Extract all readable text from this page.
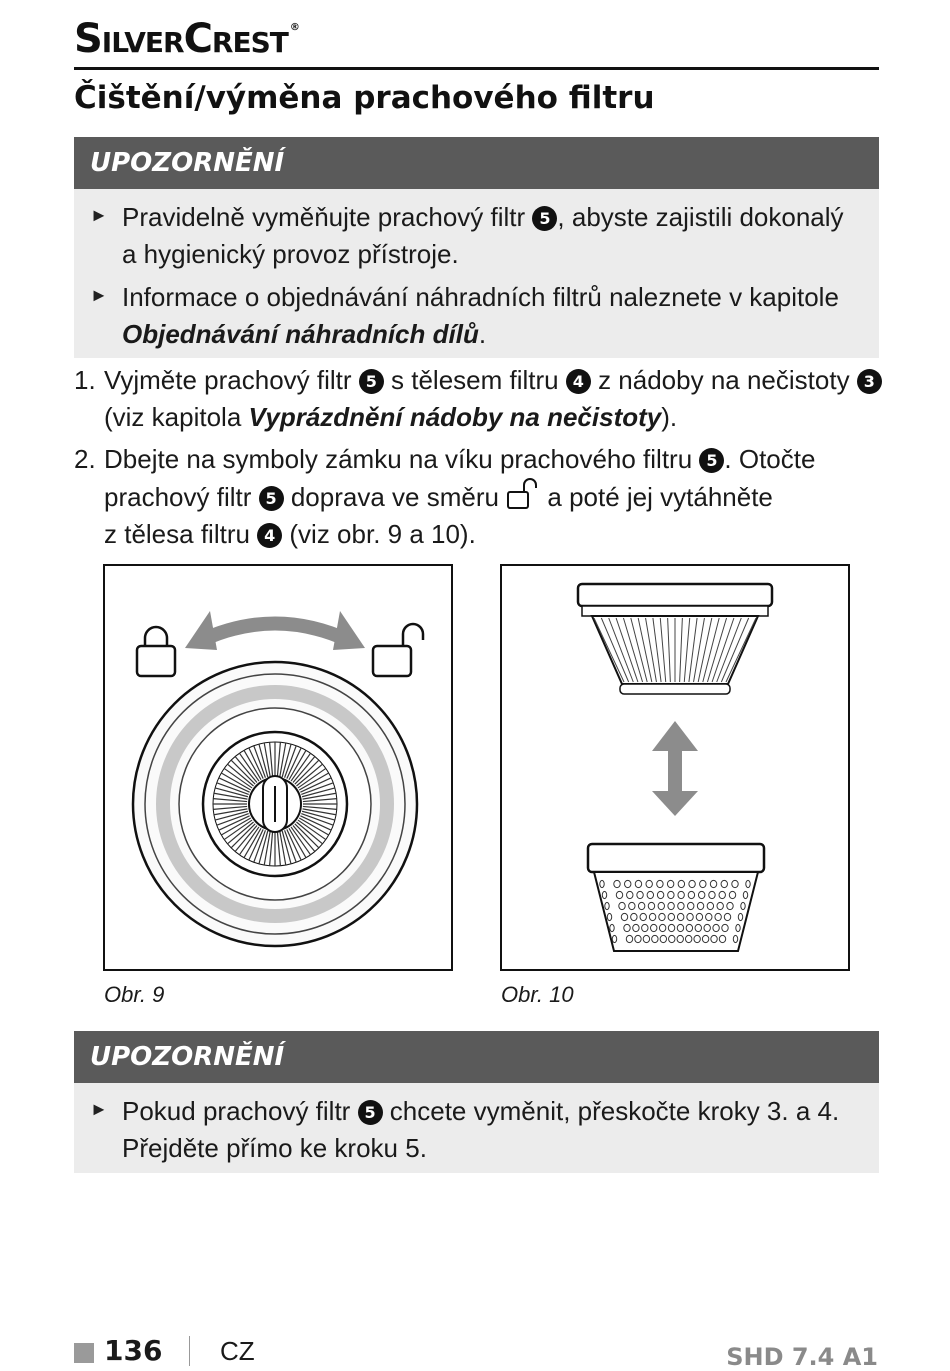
SilverCrest ®
Čištění/výměna prachového filtru
UPOZORNĚNÍ
► Pravidelně vyměňujte prachový filtr 5 , abyste zajistili dokonalý
a hygienický provoz přístroje.
► Informace o objednávání náhradních filtrů naleznete v kapitole
Objednávání náhradních dílů.
1. Vyjměte prachový filtr 5 s tělesem filtru 4 z nádoby na nečistoty 3
(viz kapitola Vyprázdnění nádoby na nečistoty).
2. Dbejte na symboly zámku na víku prachového filtru 5 . Otočte
prachový filtr 5 doprava ve směru  a poté jej vytáhněte
z tělesa filtru 4 (viz obr. 9 a 10).
Obr. 9	Obr. 10
UPOZORNĚNÍ
► Pokud prachový filtr 5 chcete vyměnit, přeskočte kroky 3. a 4.
Přejděte přímo ke kroku 5.
136 CZ	SHD 7.4 A1
